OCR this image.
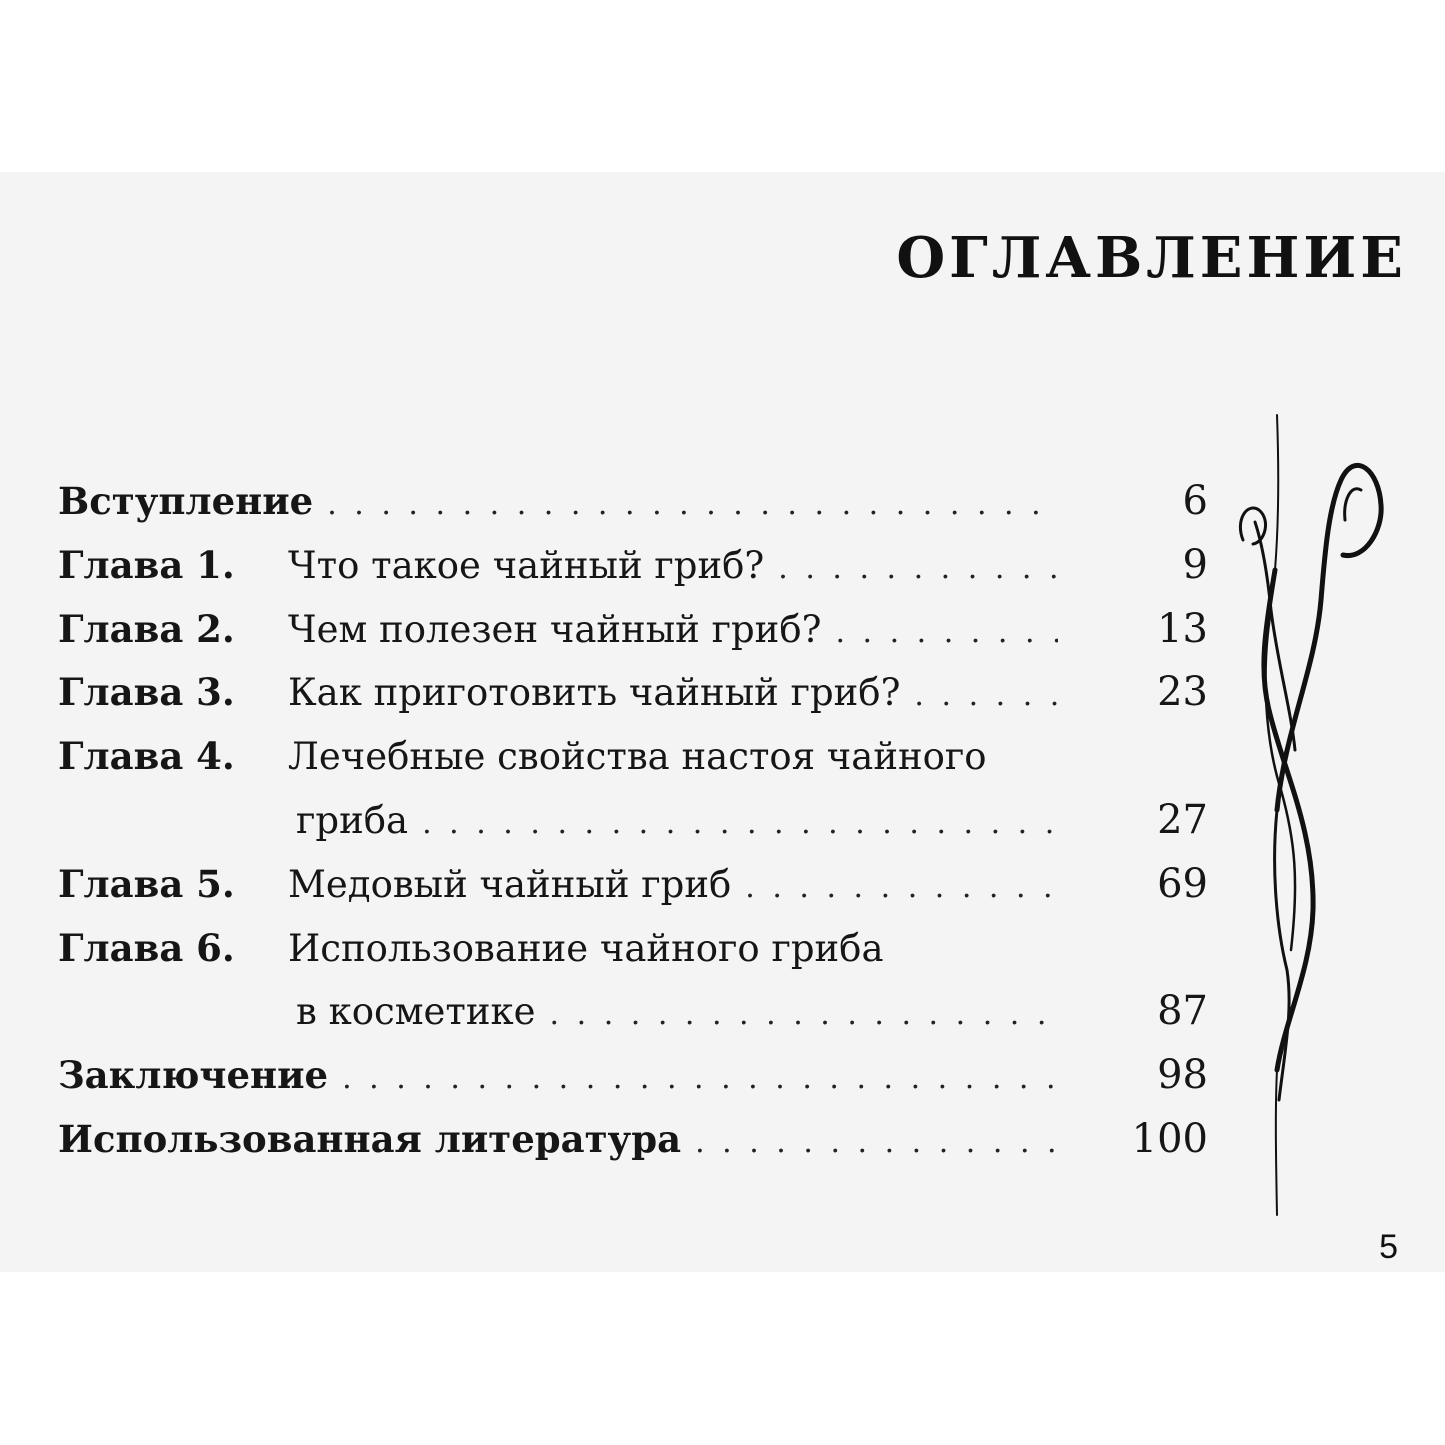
ОГЛАВЛЕНИЕ
Вступление . . .	6
Глава 1.	Что такое чайный гриб? . . .	9
Глава 2.	Чем полезен чайный гриб? . . .	13
Глава 3.	Как приготовить чайный гриб? . . .	23
Глава 4.	Лечебные свойства настоя чайного
гриба . . .	27
Глава 5.	Медовый чайный гриб . . .	69
Глава 6.	Использование чайного гриба
в косметике . . .	87
Заключение . . .	98
Использованная литература . . .	100
5
